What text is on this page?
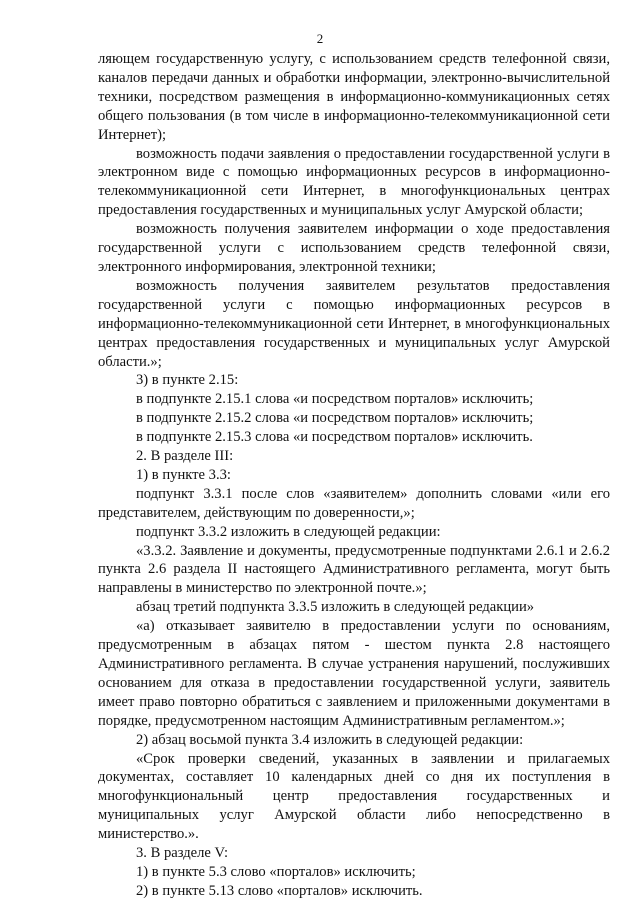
2

ляющем государственную услугу, с использованием средств телефонной связи, каналов передачи данных и обработки информации, электронно-вычислительной техники, посредством размещения в информационно-коммуникационных сетях общего пользования (в том числе в информационно-телекоммуникационной сети Интернет);

возможность подачи заявления о предоставлении государственной услуги в электронном виде с помощью информационных ресурсов в информационно-телекоммуникационной сети Интернет, в многофункциональных центрах предоставления государственных и муниципальных услуг Амурской области;

возможность получения заявителем информации о ходе предоставления государственной услуги с использованием средств телефонной связи, электронного информирования, электронной техники;

возможность получения заявителем результатов предоставления государственной услуги с помощью информационных ресурсов в информационно-телекоммуникационной сети Интернет, в многофункциональных центрах предоставления государственных и муниципальных услуг Амурской области.»;

3) в пункте 2.15:

в подпункте 2.15.1 слова «и посредством порталов» исключить;

в подпункте 2.15.2 слова «и посредством порталов» исключить;

в подпункте 2.15.3 слова «и посредством порталов» исключить.

2. В разделе III:

1) в пункте 3.3:

подпункт 3.3.1 после слов «заявителем» дополнить словами «или его представителем, действующим по доверенности,»;

подпункт 3.3.2 изложить в следующей редакции:

«3.3.2. Заявление и документы, предусмотренные подпунктами 2.6.1 и 2.6.2 пункта 2.6 раздела II настоящего Административного регламента, могут быть направлены в министерство по электронной почте.»;

абзац третий подпункта 3.3.5 изложить в следующей редакции»

«а) отказывает заявителю в предоставлении услуги по основаниям, предусмотренным в абзацах пятом - шестом пункта 2.8 настоящего Административного регламента. В случае устранения нарушений, послуживших основанием для отказа в предоставлении государственной услуги, заявитель имеет право повторно обратиться с заявлением и приложенными документами в порядке, предусмотренном настоящим Административным регламентом.»;

2) абзац восьмой пункта 3.4 изложить в следующей редакции:

«Срок проверки сведений, указанных в заявлении и прилагаемых документах, составляет 10 календарных дней со дня их поступления в многофункциональный центр предоставления государственных и муниципальных услуг Амурской области либо непосредственно в министерство.».

3. В разделе V:

1) в пункте 5.3 слово «порталов» исключить;

2) в пункте 5.13 слово «порталов» исключить.
